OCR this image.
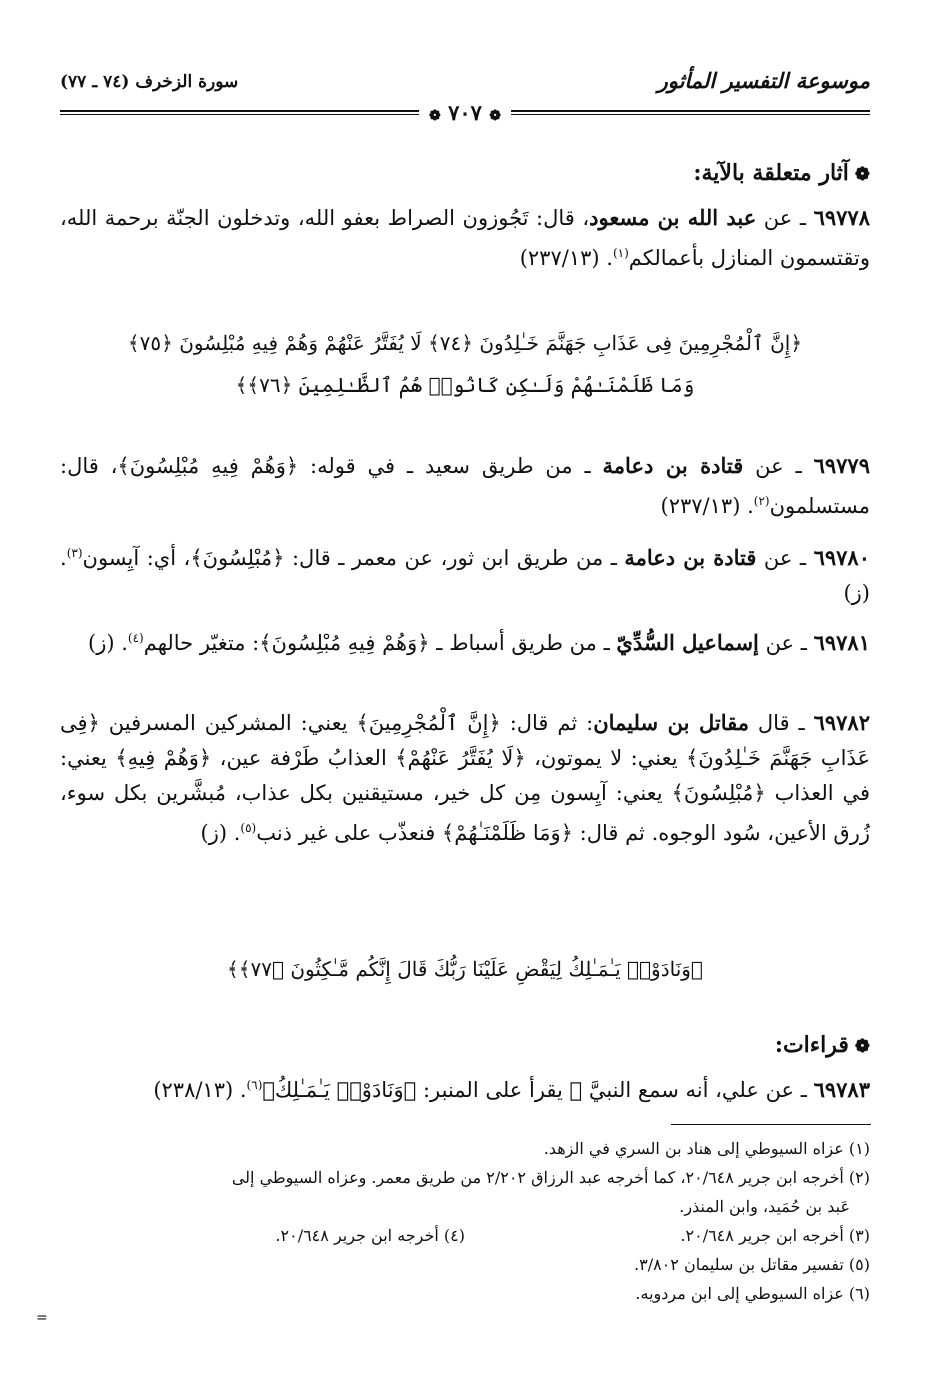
موسوعة التفسير المأثور
سورة الزخرف (٧٤ ـ ٧٧)
❁ ٧٠٧ ❁
❁آثار متعلقة بالآية:

٦٩٧٧٨ ـ عن عبد الله بن مسعود، قال: تَجُوزون الصراط بعفو الله، وتدخلون الجنّة برحمة الله، وتقتسمون المنازل بأعمالكم$^{(١)}$. (٢٣٧/١٣)

﴿إِنَّ ٱلْمُجْرِمِينَ فِى عَذَابِ جَهَنَّمَ خَـٰلِدُونَ ﴿٧٤﴾ لَا يُفَتَّرُ عَنْهُمْ وَهُمْ فِيهِ مُبْلِسُونَ ﴿٧٥﴾
وَمَا ظَلَمْنَـٰهُمْ وَلَـٰكِن كَانُوا۟ هُمُ ٱلظَّـٰلِمِينَ ﴿٧٦﴾﴾

٦٩٧٧٩ ـ عن قتادة بن دعامة ـ من طريق سعيد ـ في قوله: ﴿وَهُمْ فِيهِ مُبْلِسُونَ﴾، قال: مستسلمون$^{(٢)}$. (٢٣٧/١٣)

٦٩٧٨٠ ـ عن قتادة بن دعامة ـ من طريق ابن ثور، عن معمر ـ قال: ﴿مُبْلِسُونَ﴾، أي: آيِسون$^{(٣)}$. (ز)

٦٩٧٨١ ـ عن إسماعيل السُّدِّيّ ـ من طريق أسباط ـ ﴿وَهُمْ فِيهِ مُبْلِسُونَ﴾: متغيّر حالهم$^{(٤)}$. (ز)

٦٩٧٨٢ ـ قال مقاتل بن سليمان: ثم قال: ﴿إِنَّ ٱلْمُجْرِمِينَ﴾ يعني: المشركين المسرفين ﴿فِى عَذَابِ جَهَنَّمَ خَـٰلِدُونَ﴾ يعني: لا يموتون، ﴿لَا يُفَتَّرُ عَنْهُمْ﴾ العذابُ طَرْفة عين، ﴿وَهُمْ فِيهِ﴾ يعني: في العذاب ﴿مُبْلِسُونَ﴾ يعني: آيِسون مِن كل خير، مستيقنين بكل عذاب، مُبشَّرين بكل سوء، زُرق الأعين، سُود الوجوه. ثم قال: ﴿وَمَا ظَلَمْنَـٰهُمْ﴾ فنعذّب على غير ذنب$^{(٥)}$. (ز)

﴿وَنَادَوْا۟ يَـٰمَـٰلِكُ لِيَقْضِ عَلَيْنَا رَبُّكَ قَالَ إِنَّكُم مَّـٰكِثُونَ ﴿٧٧﴾﴾
❁قراءات:

٦٩٧٨٣ ـ عن علي، أنه سمع النبيَّ ﷺ يقرأ على المنبر: ﴿وَنَادَوْا۟ يَـٰمَـٰلِكُ﴾$^{(٦)}$. (٢٣٨/١٣)

(١) عزاه السيوطي إلى هناد بن السري في الزهد.
(٢) أخرجه ابن جرير ٢٠/٦٤٨، كما أخرجه عبد الرزاق ٢/٢٠٢ من طريق معمر. وعزاه السيوطي إلى
عَبد بن حُمَيد، وابن المنذر.
(٣) أخرجه ابن جرير ٢٠/٦٤٨.
(٤) أخرجه ابن جرير ٢٠/٦٤٨.
(٥) تفسير مقاتل بن سليمان ٣/٨٠٢.
(٦) عزاه السيوطي إلى ابن مردويه.
=
